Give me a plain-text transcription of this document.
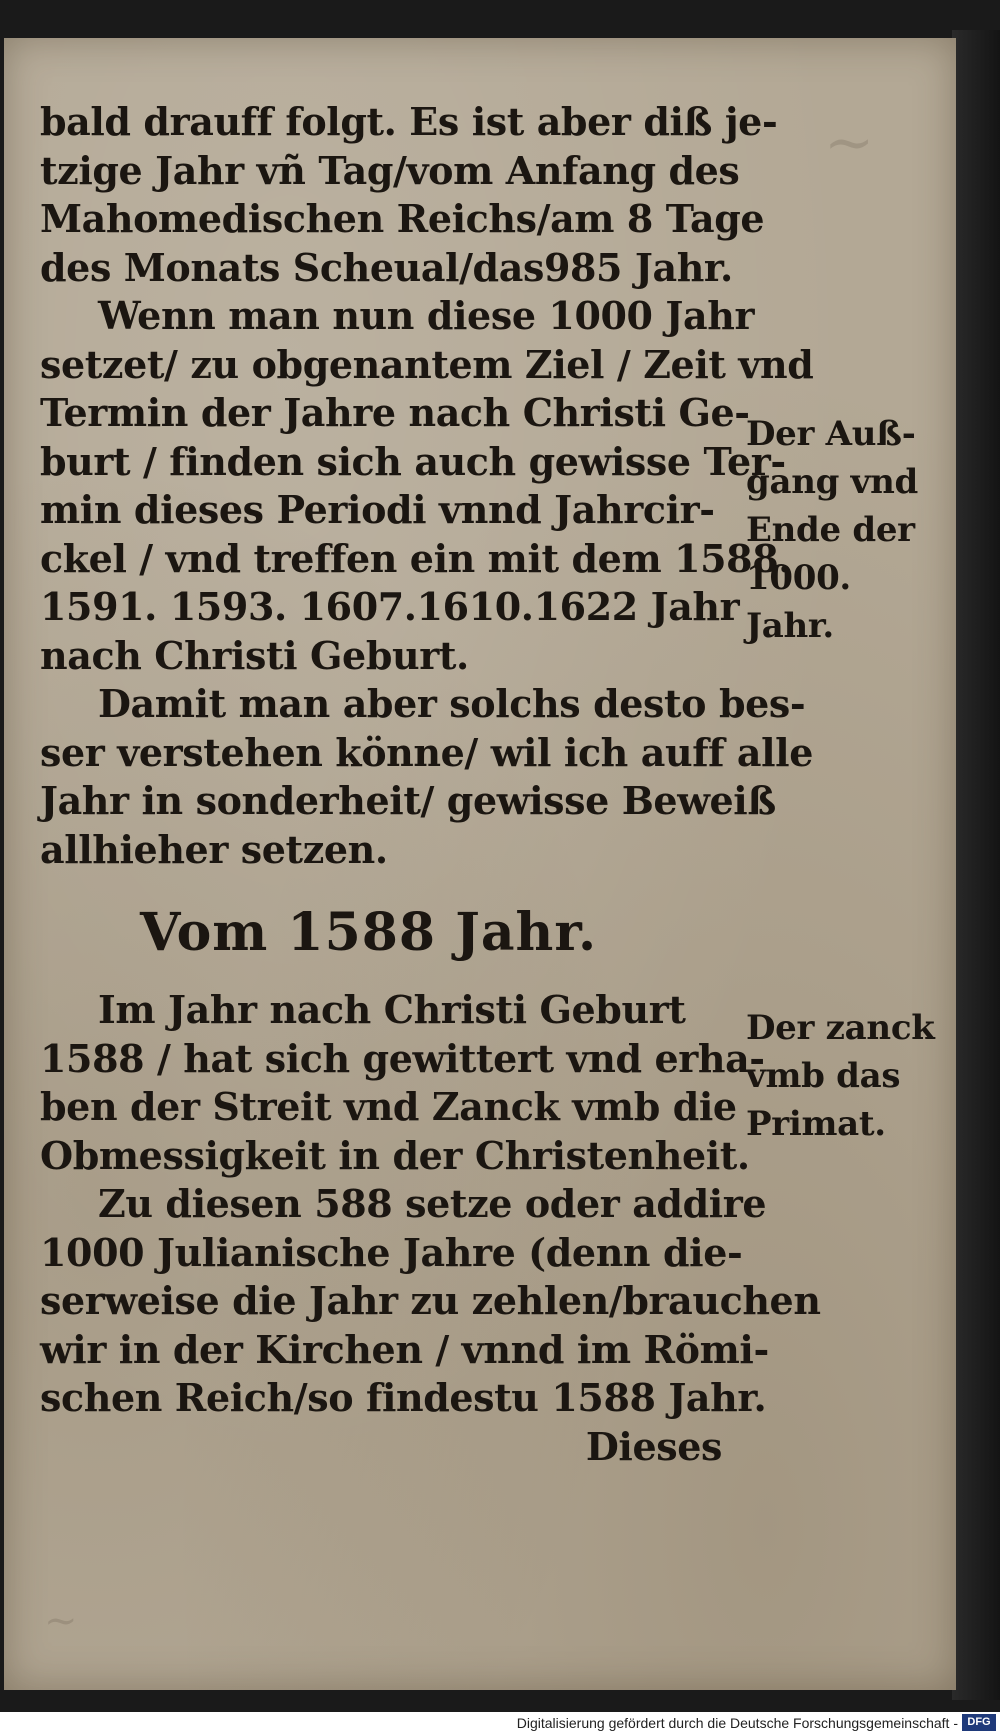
~
~
bald drauff folgt. Es ist aber diß je-
tzige Jahr vñ Tag/vom Anfang des
Mahomedischen Reichs/am 8 Tage
des Monats Scheual/das985 Jahr.
Wenn man nun diese 1000 Jahr
setzet/ zu obgenantem Ziel / Zeit vnd
Termin der Jahre nach Christi Ge-
burt / finden sich auch gewisse Ter-
min dieses Periodi vnnd Jahrcir-
ckel / vnd treffen ein mit dem 1588.
1591. 1593. 1607.1610.1622 Jahr
nach Christi Geburt.
Damit man aber solchs desto bes-
ser verstehen könne/ wil ich auff alle
Jahr in sonderheit/ gewisse Beweiß
allhieher setzen.
Vom 1588 Jahr.
Im Jahr nach Christi Geburt
1588 / hat sich gewittert vnd erha-
ben der Streit vnd Zanck vmb die
Obmessigkeit in der Christenheit.
Zu diesen 588 setze oder addire
1000 Julianische Jahre (denn die-
serweise die Jahr zu zehlen/brauchen
wir in der Kirchen / vnnd im Römi-
schen Reich/so findestu 1588 Jahr.
Dieses
Der Auß-
gang vnd
Ende der
1000.
Jahr.
Der zanck
vmb das
Primat.
Digitalisierung gefördert durch die Deutsche Forschungsgemeinschaft - DFG
